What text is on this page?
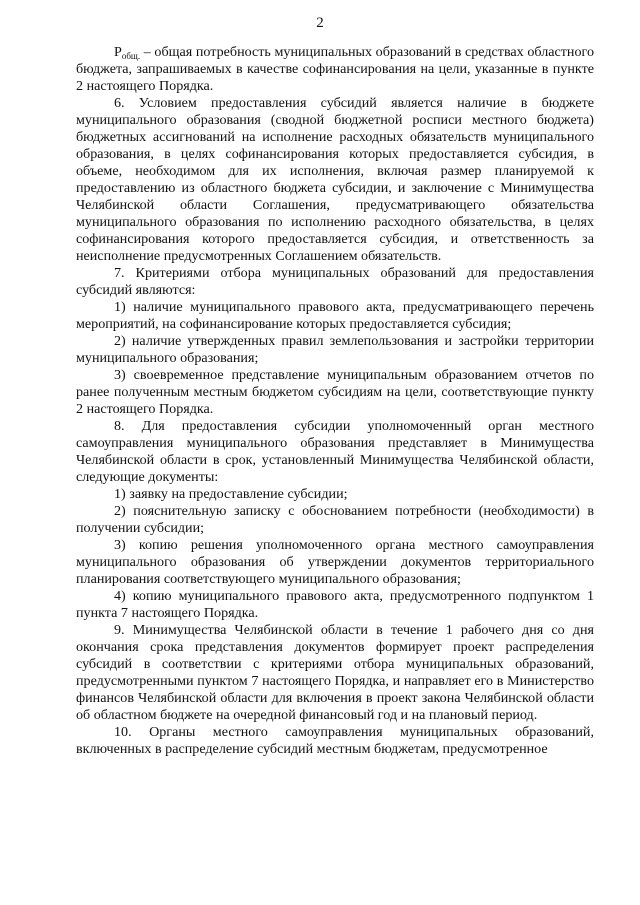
2

$P_{общ.}$ – общая потребность муниципальных образований в средствах областного бюджета, запрашиваемых в качестве софинансирования на цели, указанные в пункте 2 настоящего Порядка.

6. Условием предоставления субсидий является наличие в бюджете муниципального образования (сводной бюджетной росписи местного бюджета) бюджетных ассигнований на исполнение расходных обязательств муниципального образования, в целях софинансирования которых предоставляется субсидия, в объеме, необходимом для их исполнения, включая размер планируемой к предоставлению из областного бюджета субсидии, и заключение с Минимущества Челябинской области Соглашения, предусматривающего обязательства муниципального образования по исполнению расходного обязательства, в целях софинансирования которого предоставляется субсидия, и ответственность за неисполнение предусмотренных Соглашением обязательств.

7. Критериями отбора муниципальных образований для предоставления субсидий являются:

1) наличие муниципального правового акта, предусматривающего перечень мероприятий, на софинансирование которых предоставляется субсидия;

2) наличие утвержденных правил землепользования и застройки территории муниципального образования;

3) своевременное представление муниципальным образованием отчетов по ранее полученным местным бюджетом субсидиям на цели, соответствующие пункту 2 настоящего Порядка.

8. Для предоставления субсидии уполномоченный орган местного самоуправления муниципального образования представляет в Минимущества Челябинской области в срок, установленный Минимущества Челябинской области, следующие документы:

1) заявку на предоставление субсидии;

2) пояснительную записку с обоснованием потребности (необходимости) в получении субсидии;

3) копию решения уполномоченного органа местного самоуправления муниципального образования об утверждении документов территориального планирования соответствующего муниципального образования;

4) копию муниципального правового акта, предусмотренного подпунктом 1 пункта 7 настоящего Порядка.

9. Минимущества Челябинской области в течение 1 рабочего дня со дня окончания срока представления документов формирует проект распределения субсидий в соответствии с критериями отбора муниципальных образований, предусмотренными пунктом 7 настоящего Порядка, и направляет его в Министерство финансов Челябинской области для включения в проект закона Челябинской области об областном бюджете на очередной финансовый год и на плановый период.

10. Органы местного самоуправления муниципальных образований, включенных в распределение субсидий местным бюджетам, предусмотренное
